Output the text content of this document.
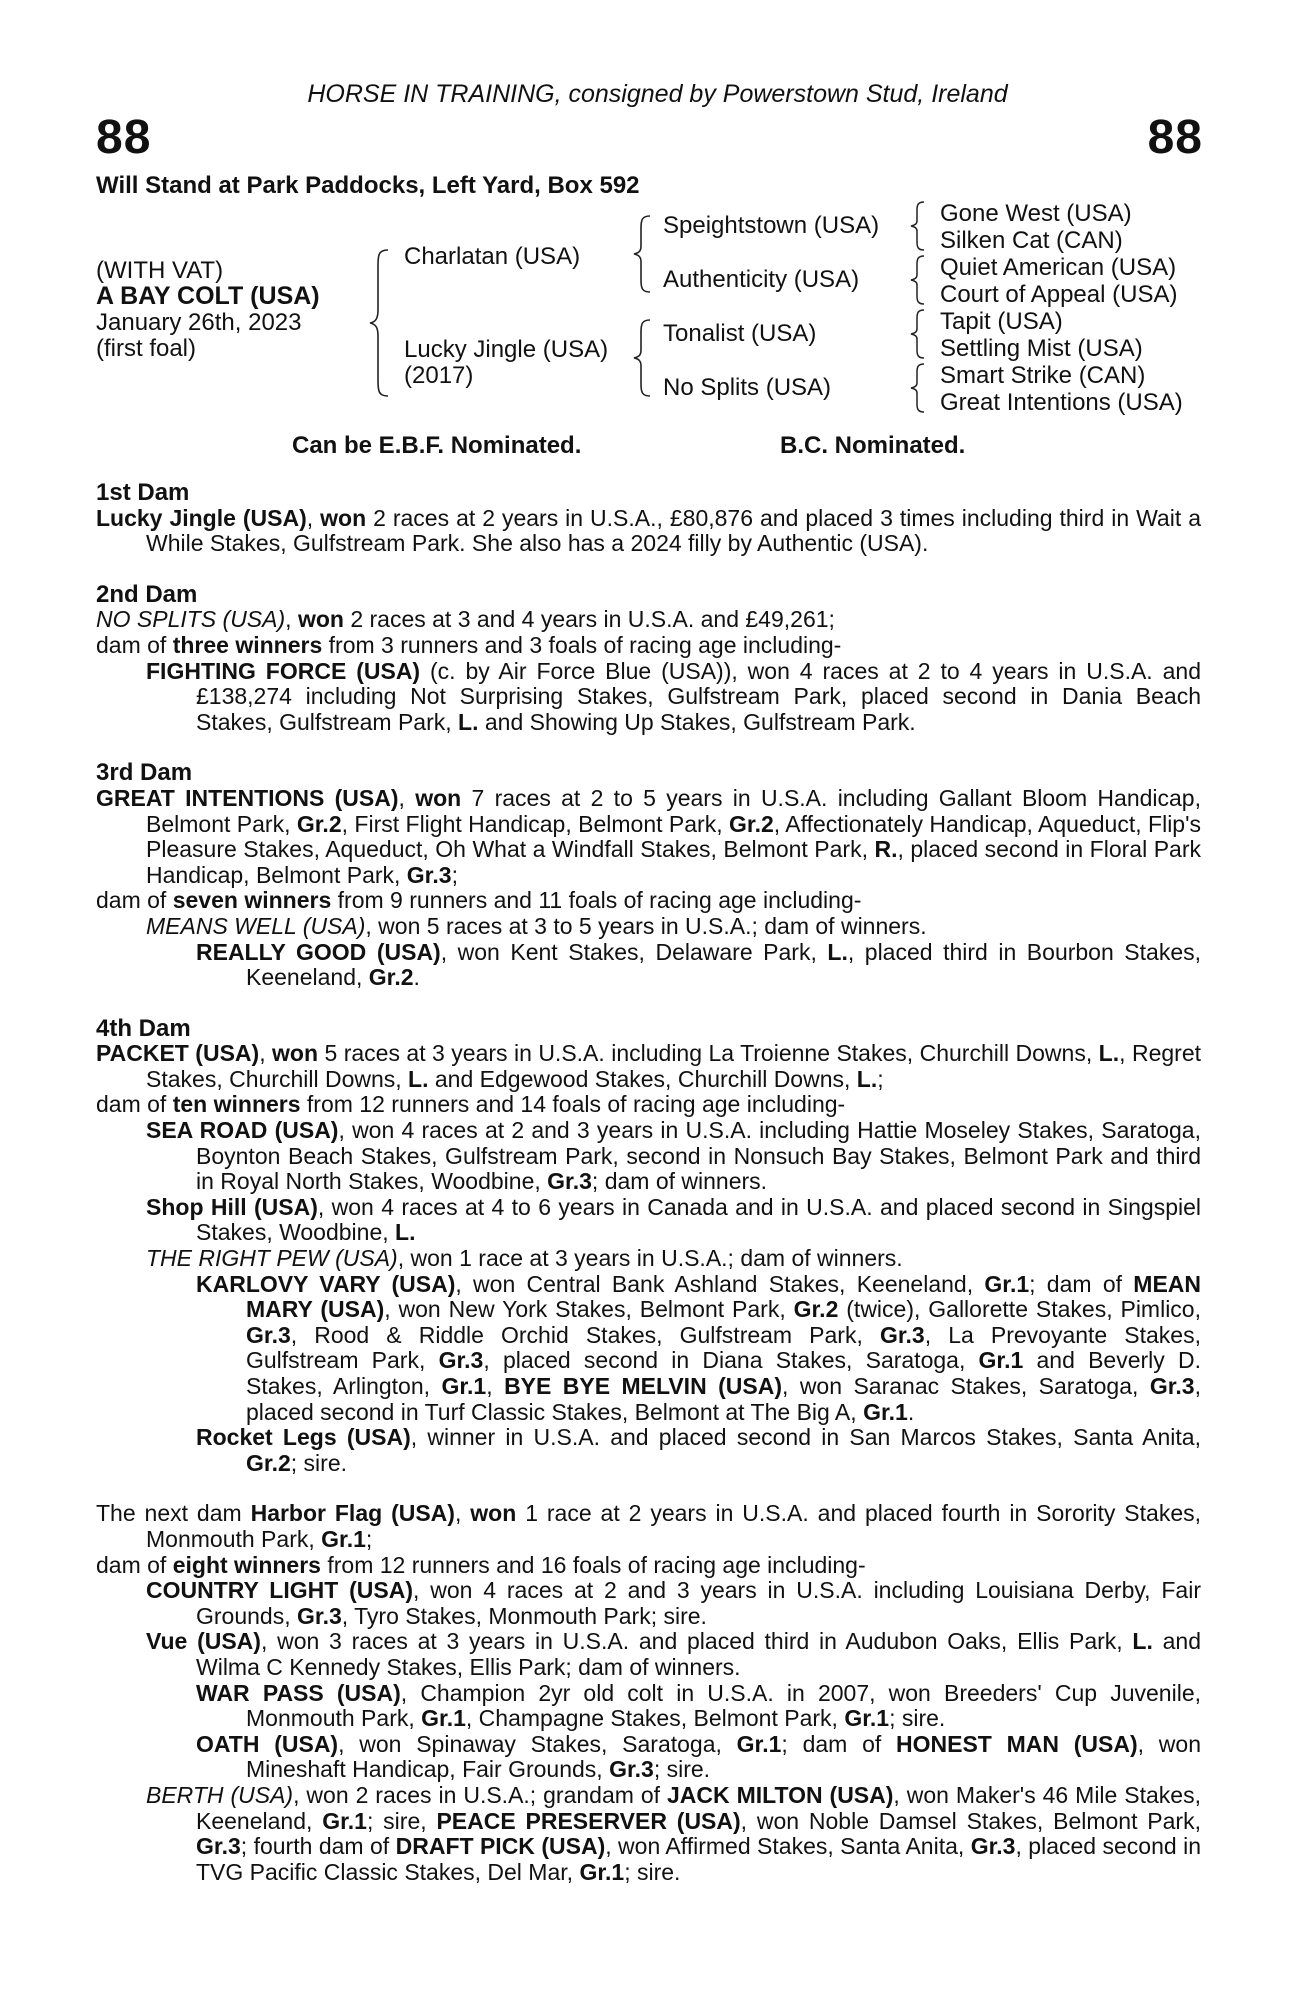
HORSE IN TRAINING, consigned by Powerstown Stud, Ireland
88	88
Will Stand at Park Paddocks, Left Yard, Box 592
(WITH VAT)
A BAY COLT (USA)
January 26th, 2023
(first foal)
Charlatan (USA)
Lucky Jingle (USA)
(2017)
Speightstown (USA)
Authenticity (USA)
Tonalist (USA)
No Splits (USA)
Gone West (USA)
Silken Cat (CAN)
Quiet American (USA)
Court of Appeal (USA)
Tapit (USA)
Settling Mist (USA)
Smart Strike (CAN)
Great Intentions (USA)
Can be E.B.F. Nominated.	B.C. Nominated.
1st Dam

Lucky Jingle (USA), won 2 races at 2 years in U.S.A., £80,876 and placed 3 times including third in Wait a While Stakes, Gulfstream Park. She also has a 2024 filly by Authentic (USA).

2nd Dam

NO SPLITS (USA), won 2 races at 3 and 4 years in U.S.A. and £49,261;

dam of three winners from 3 runners and 3 foals of racing age including-

FIGHTING FORCE (USA) (c. by Air Force Blue (USA)), won 4 races at 2 to 4 years in U.S.A. and £138,274 including Not Surprising Stakes, Gulfstream Park, placed second in Dania Beach Stakes, Gulfstream Park, L. and Showing Up Stakes, Gulfstream Park.

3rd Dam

GREAT INTENTIONS (USA), won 7 races at 2 to 5 years in U.S.A. including Gallant Bloom Handicap, Belmont Park, Gr.2, First Flight Handicap, Belmont Park, Gr.2, Affectionately Handicap, Aqueduct, Flip's Pleasure Stakes, Aqueduct, Oh What a Windfall Stakes, Belmont Park, R., placed second in Floral Park Handicap, Belmont Park, Gr.3;

dam of seven winners from 9 runners and 11 foals of racing age including-

MEANS WELL (USA), won 5 races at 3 to 5 years in U.S.A.; dam of winners.

REALLY GOOD (USA), won Kent Stakes, Delaware Park, L., placed third in Bourbon Stakes, Keeneland, Gr.2.

4th Dam

PACKET (USA), won 5 races at 3 years in U.S.A. including La Troienne Stakes, Churchill Downs, L., Regret Stakes, Churchill Downs, L. and Edgewood Stakes, Churchill Downs, L.;

dam of ten winners from 12 runners and 14 foals of racing age including-

SEA ROAD (USA), won 4 races at 2 and 3 years in U.S.A. including Hattie Moseley Stakes, Saratoga, Boynton Beach Stakes, Gulfstream Park, second in Nonsuch Bay Stakes, Belmont Park and third in Royal North Stakes, Woodbine, Gr.3; dam of winners.

Shop Hill (USA), won 4 races at 4 to 6 years in Canada and in U.S.A. and placed second in Singspiel Stakes, Woodbine, L.

THE RIGHT PEW (USA), won 1 race at 3 years in U.S.A.; dam of winners.

KARLOVY VARY (USA), won Central Bank Ashland Stakes, Keeneland, Gr.1; dam of MEAN MARY (USA), won New York Stakes, Belmont Park, Gr.2 (twice), Gallorette Stakes, Pimlico, Gr.3, Rood & Riddle Orchid Stakes, Gulfstream Park, Gr.3, La Prevoyante Stakes, Gulfstream Park, Gr.3, placed second in Diana Stakes, Saratoga, Gr.1 and Beverly D. Stakes, Arlington, Gr.1, BYE BYE MELVIN (USA), won Saranac Stakes, Saratoga, Gr.3, placed second in Turf Classic Stakes, Belmont at The Big A, Gr.1.

Rocket Legs (USA), winner in U.S.A. and placed second in San Marcos Stakes, Santa Anita, Gr.2; sire.

The next dam Harbor Flag (USA), won 1 race at 2 years in U.S.A. and placed fourth in Sorority Stakes, Monmouth Park, Gr.1;

dam of eight winners from 12 runners and 16 foals of racing age including-

COUNTRY LIGHT (USA), won 4 races at 2 and 3 years in U.S.A. including Louisiana Derby, Fair Grounds, Gr.3, Tyro Stakes, Monmouth Park; sire.

Vue (USA), won 3 races at 3 years in U.S.A. and placed third in Audubon Oaks, Ellis Park, L. and Wilma C Kennedy Stakes, Ellis Park; dam of winners.

WAR PASS (USA), Champion 2yr old colt in U.S.A. in 2007, won Breeders' Cup Juvenile, Monmouth Park, Gr.1, Champagne Stakes, Belmont Park, Gr.1; sire.

OATH (USA), won Spinaway Stakes, Saratoga, Gr.1; dam of HONEST MAN (USA), won Mineshaft Handicap, Fair Grounds, Gr.3; sire.

BERTH (USA), won 2 races in U.S.A.; grandam of JACK MILTON (USA), won Maker's 46 Mile Stakes, Keeneland, Gr.1; sire, PEACE PRESERVER (USA), won Noble Damsel Stakes, Belmont Park, Gr.3; fourth dam of DRAFT PICK (USA), won Affirmed Stakes, Santa Anita, Gr.3, placed second in TVG Pacific Classic Stakes, Del Mar, Gr.1; sire.
